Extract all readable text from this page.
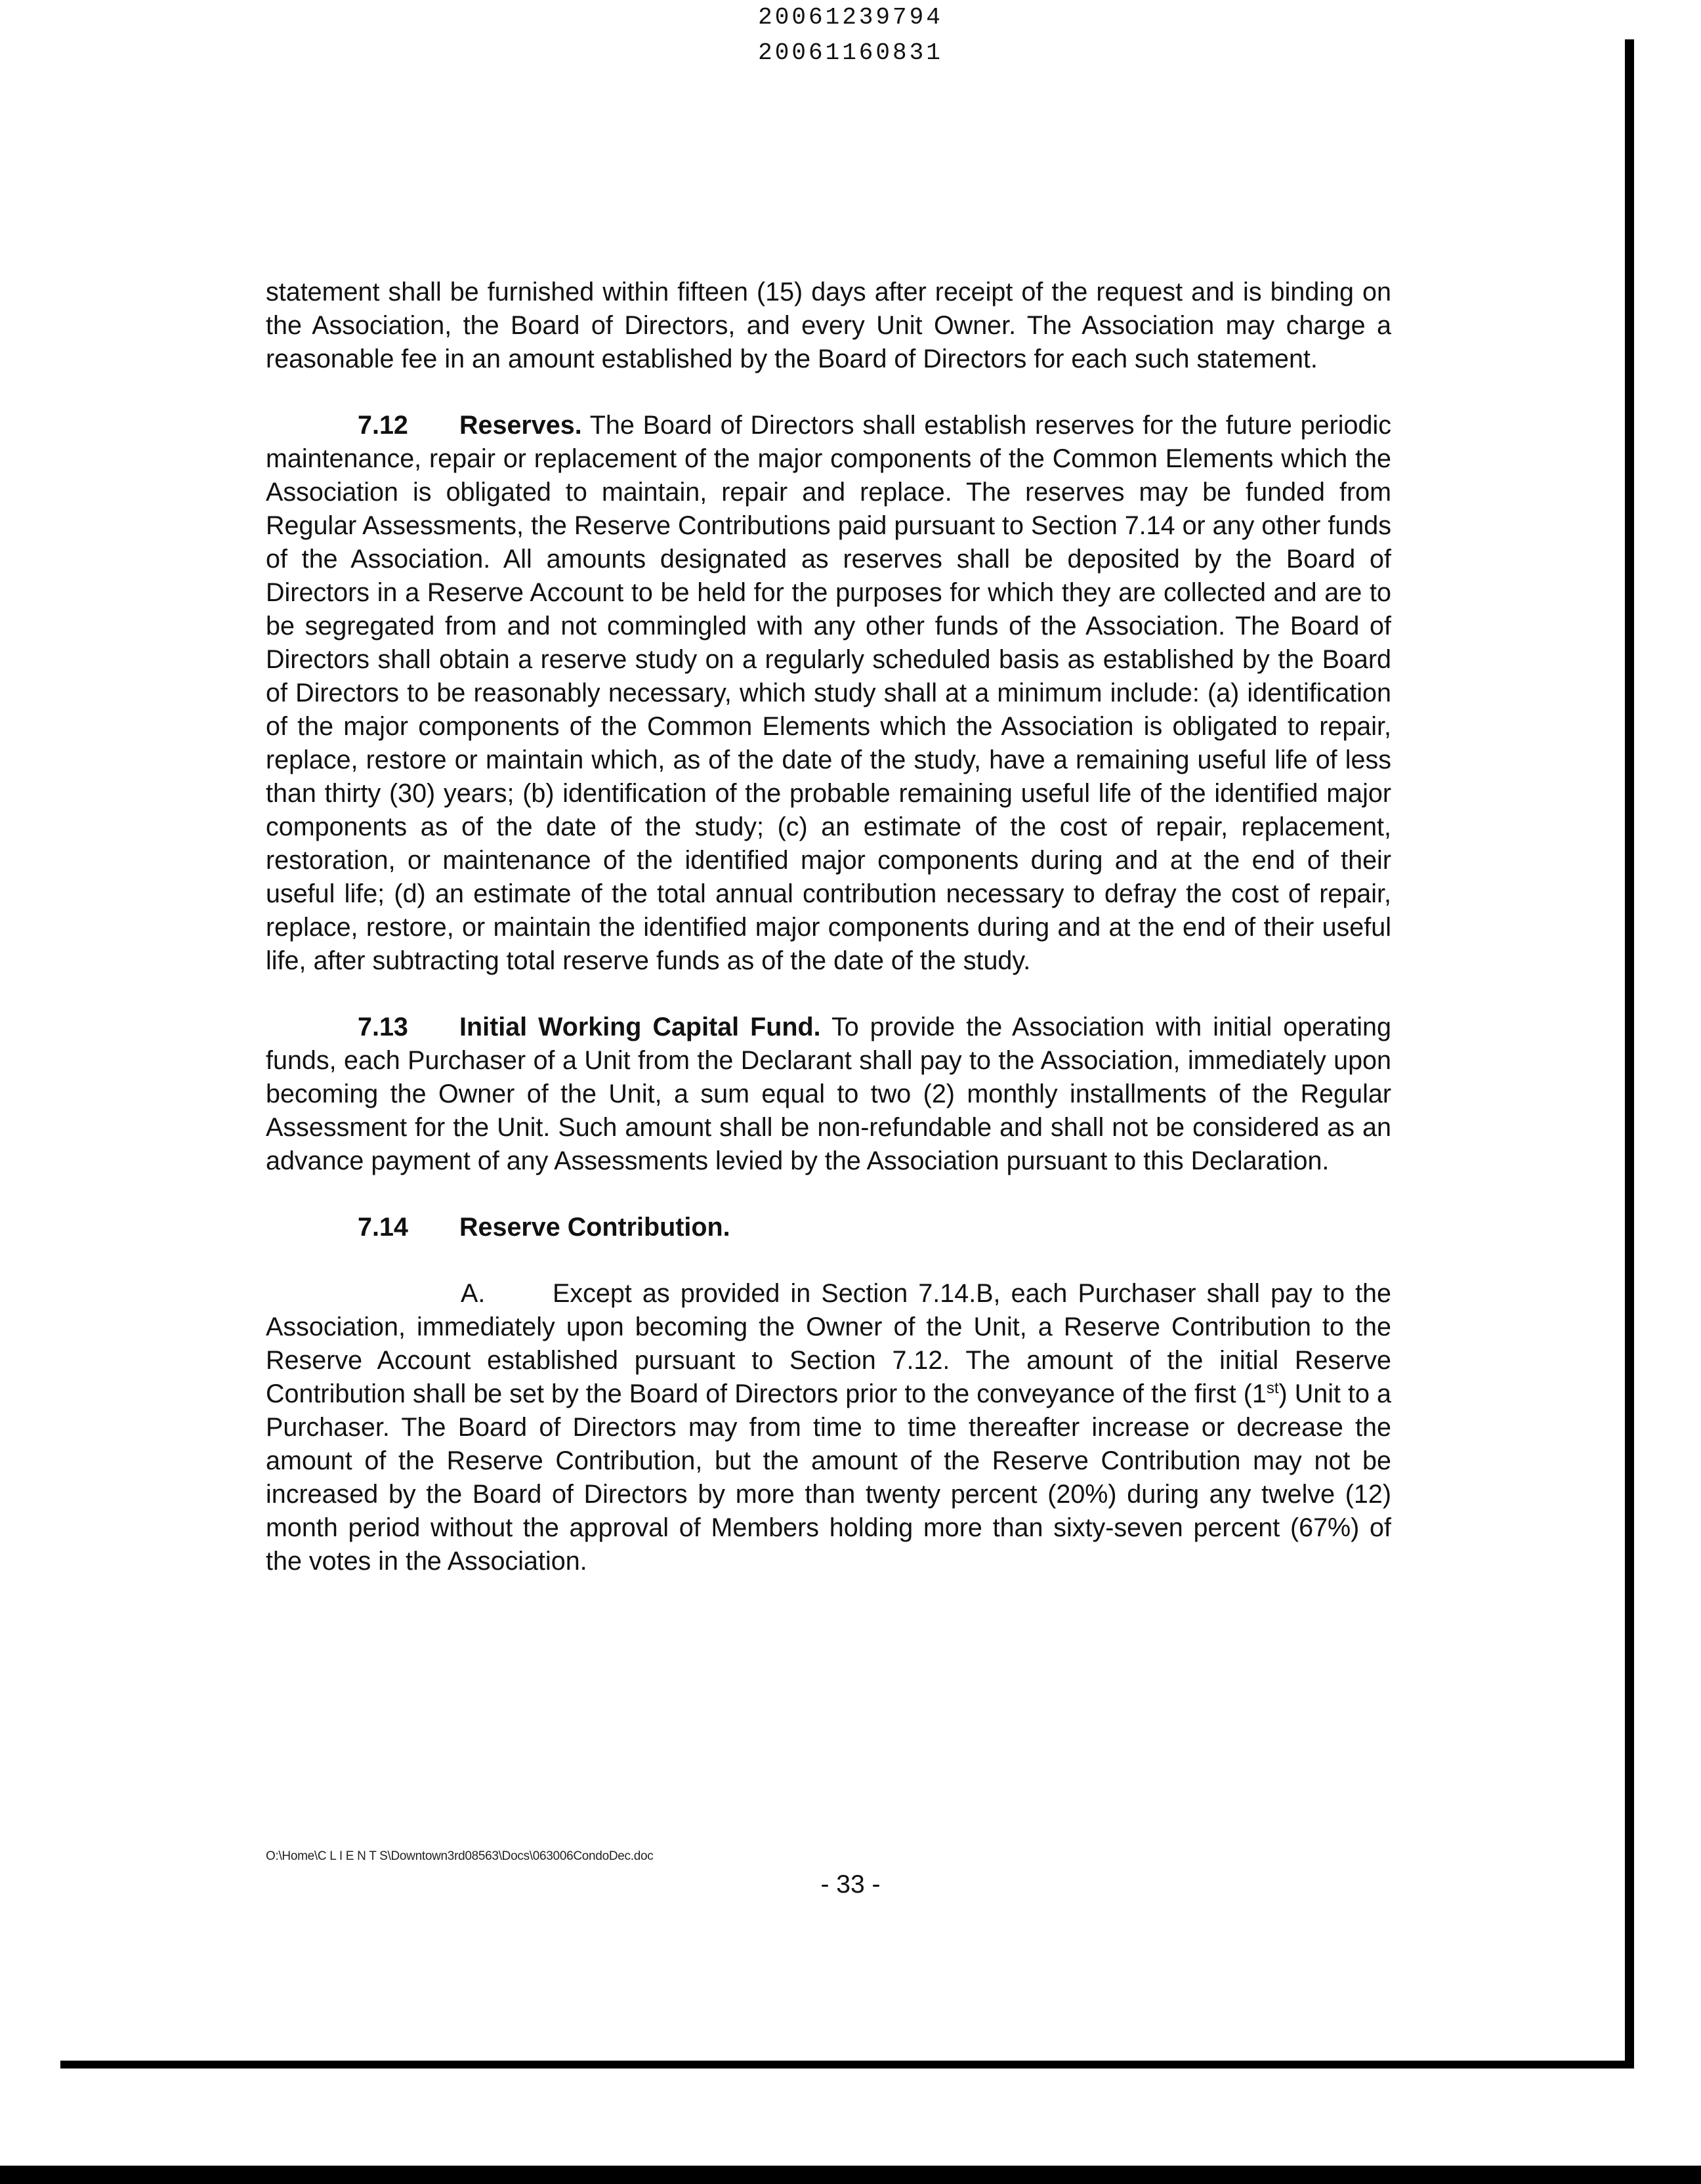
20061239794
20061160831

statement shall be furnished within fifteen (15) days after receipt of the request and is binding on the Association, the Board of Directors, and every Unit Owner. The Association may charge a reasonable fee in an amount established by the Board of Directors for each such statement.

7.12 Reserves. The Board of Directors shall establish reserves for the future periodic maintenance, repair or replacement of the major components of the Common Elements which the Association is obligated to maintain, repair and replace. The reserves may be funded from Regular Assessments, the Reserve Contributions paid pursuant to Section 7.14 or any other funds of the Association. All amounts designated as reserves shall be deposited by the Board of Directors in a Reserve Account to be held for the purposes for which they are collected and are to be segregated from and not commingled with any other funds of the Association. The Board of Directors shall obtain a reserve study on a regularly scheduled basis as established by the Board of Directors to be reasonably necessary, which study shall at a minimum include: (a) identification of the major components of the Common Elements which the Association is obligated to repair, replace, restore or maintain which, as of the date of the study, have a remaining useful life of less than thirty (30) years; (b) identification of the probable remaining useful life of the identified major components as of the date of the study; (c) an estimate of the cost of repair, replacement, restoration, or maintenance of the identified major components during and at the end of their useful life; (d) an estimate of the total annual contribution necessary to defray the cost of repair, replace, restore, or maintain the identified major components during and at the end of their useful life, after subtracting total reserve funds as of the date of the study.

7.13 Initial Working Capital Fund. To provide the Association with initial operating funds, each Purchaser of a Unit from the Declarant shall pay to the Association, immediately upon becoming the Owner of the Unit, a sum equal to two (2) monthly installments of the Regular Assessment for the Unit. Such amount shall be non-refundable and shall not be considered as an advance payment of any Assessments levied by the Association pursuant to this Declaration.

7.14 Reserve Contribution.

A.	Except as provided in Section 7.14.B, each Purchaser shall pay to the Association, immediately upon becoming the Owner of the Unit, a Reserve Contribution to the Reserve Account established pursuant to Section 7.12. The amount of the initial Reserve Contribution shall be set by the Board of Directors prior to the conveyance of the first (1st) Unit to a Purchaser. The Board of Directors may from time to time thereafter increase or decrease the amount of the Reserve Contribution, but the amount of the Reserve Contribution may not be increased by the Board of Directors by more than twenty percent (20%) during any twelve (12) month period without the approval of Members holding more than sixty-seven percent (67%) of the votes in the Association.

O:\Home\C L I E N T S\Downtown3rd08563\Docs\063006CondoDec.doc
- 33 -
